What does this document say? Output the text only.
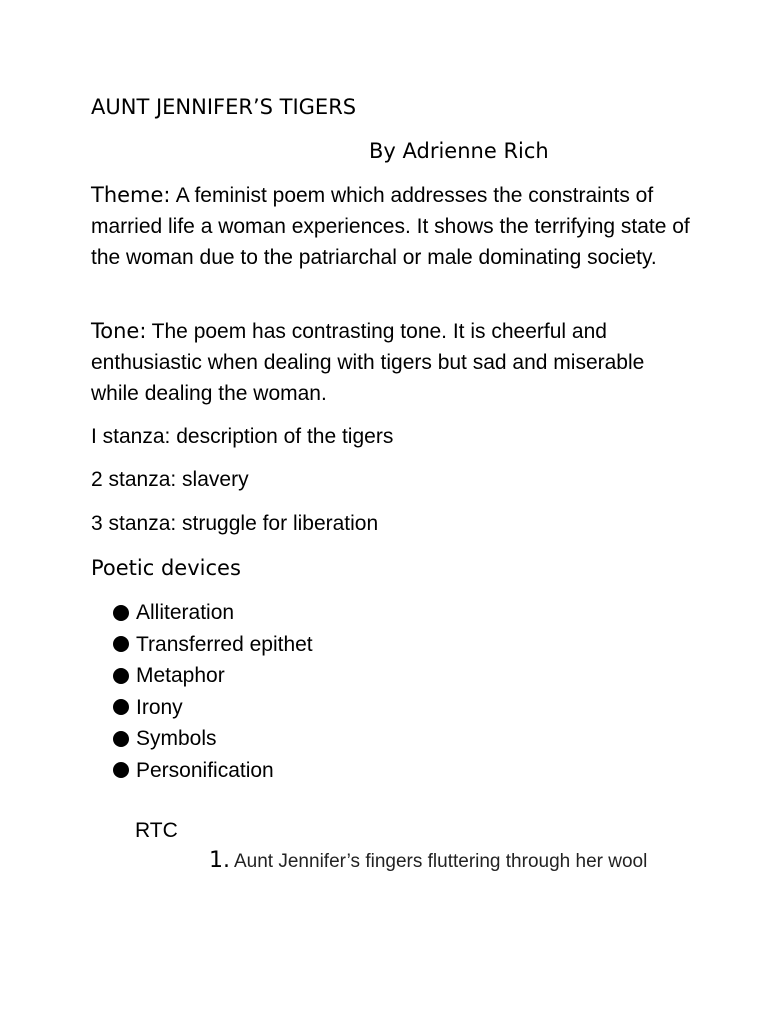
AUNT JENNIFER’S TIGERS
By Adrienne Rich

Theme: A feminist poem which addresses the constraints of married life a woman experiences. It shows the terrifying state of the woman due to the patriarchal or male dominating society.

Tone: The poem has contrasting tone. It is cheerful and enthusiastic when dealing with tigers but sad and miserable while dealing the woman.

I stanza: description of the tigers
2 stanza: slavery
3 stanza: struggle for liberation
Poetic devices
Alliteration
Transferred epithet
Metaphor
Irony
Symbols
Personification
RTC
1. Aunt Jennifer’s fingers fluttering through her wool
